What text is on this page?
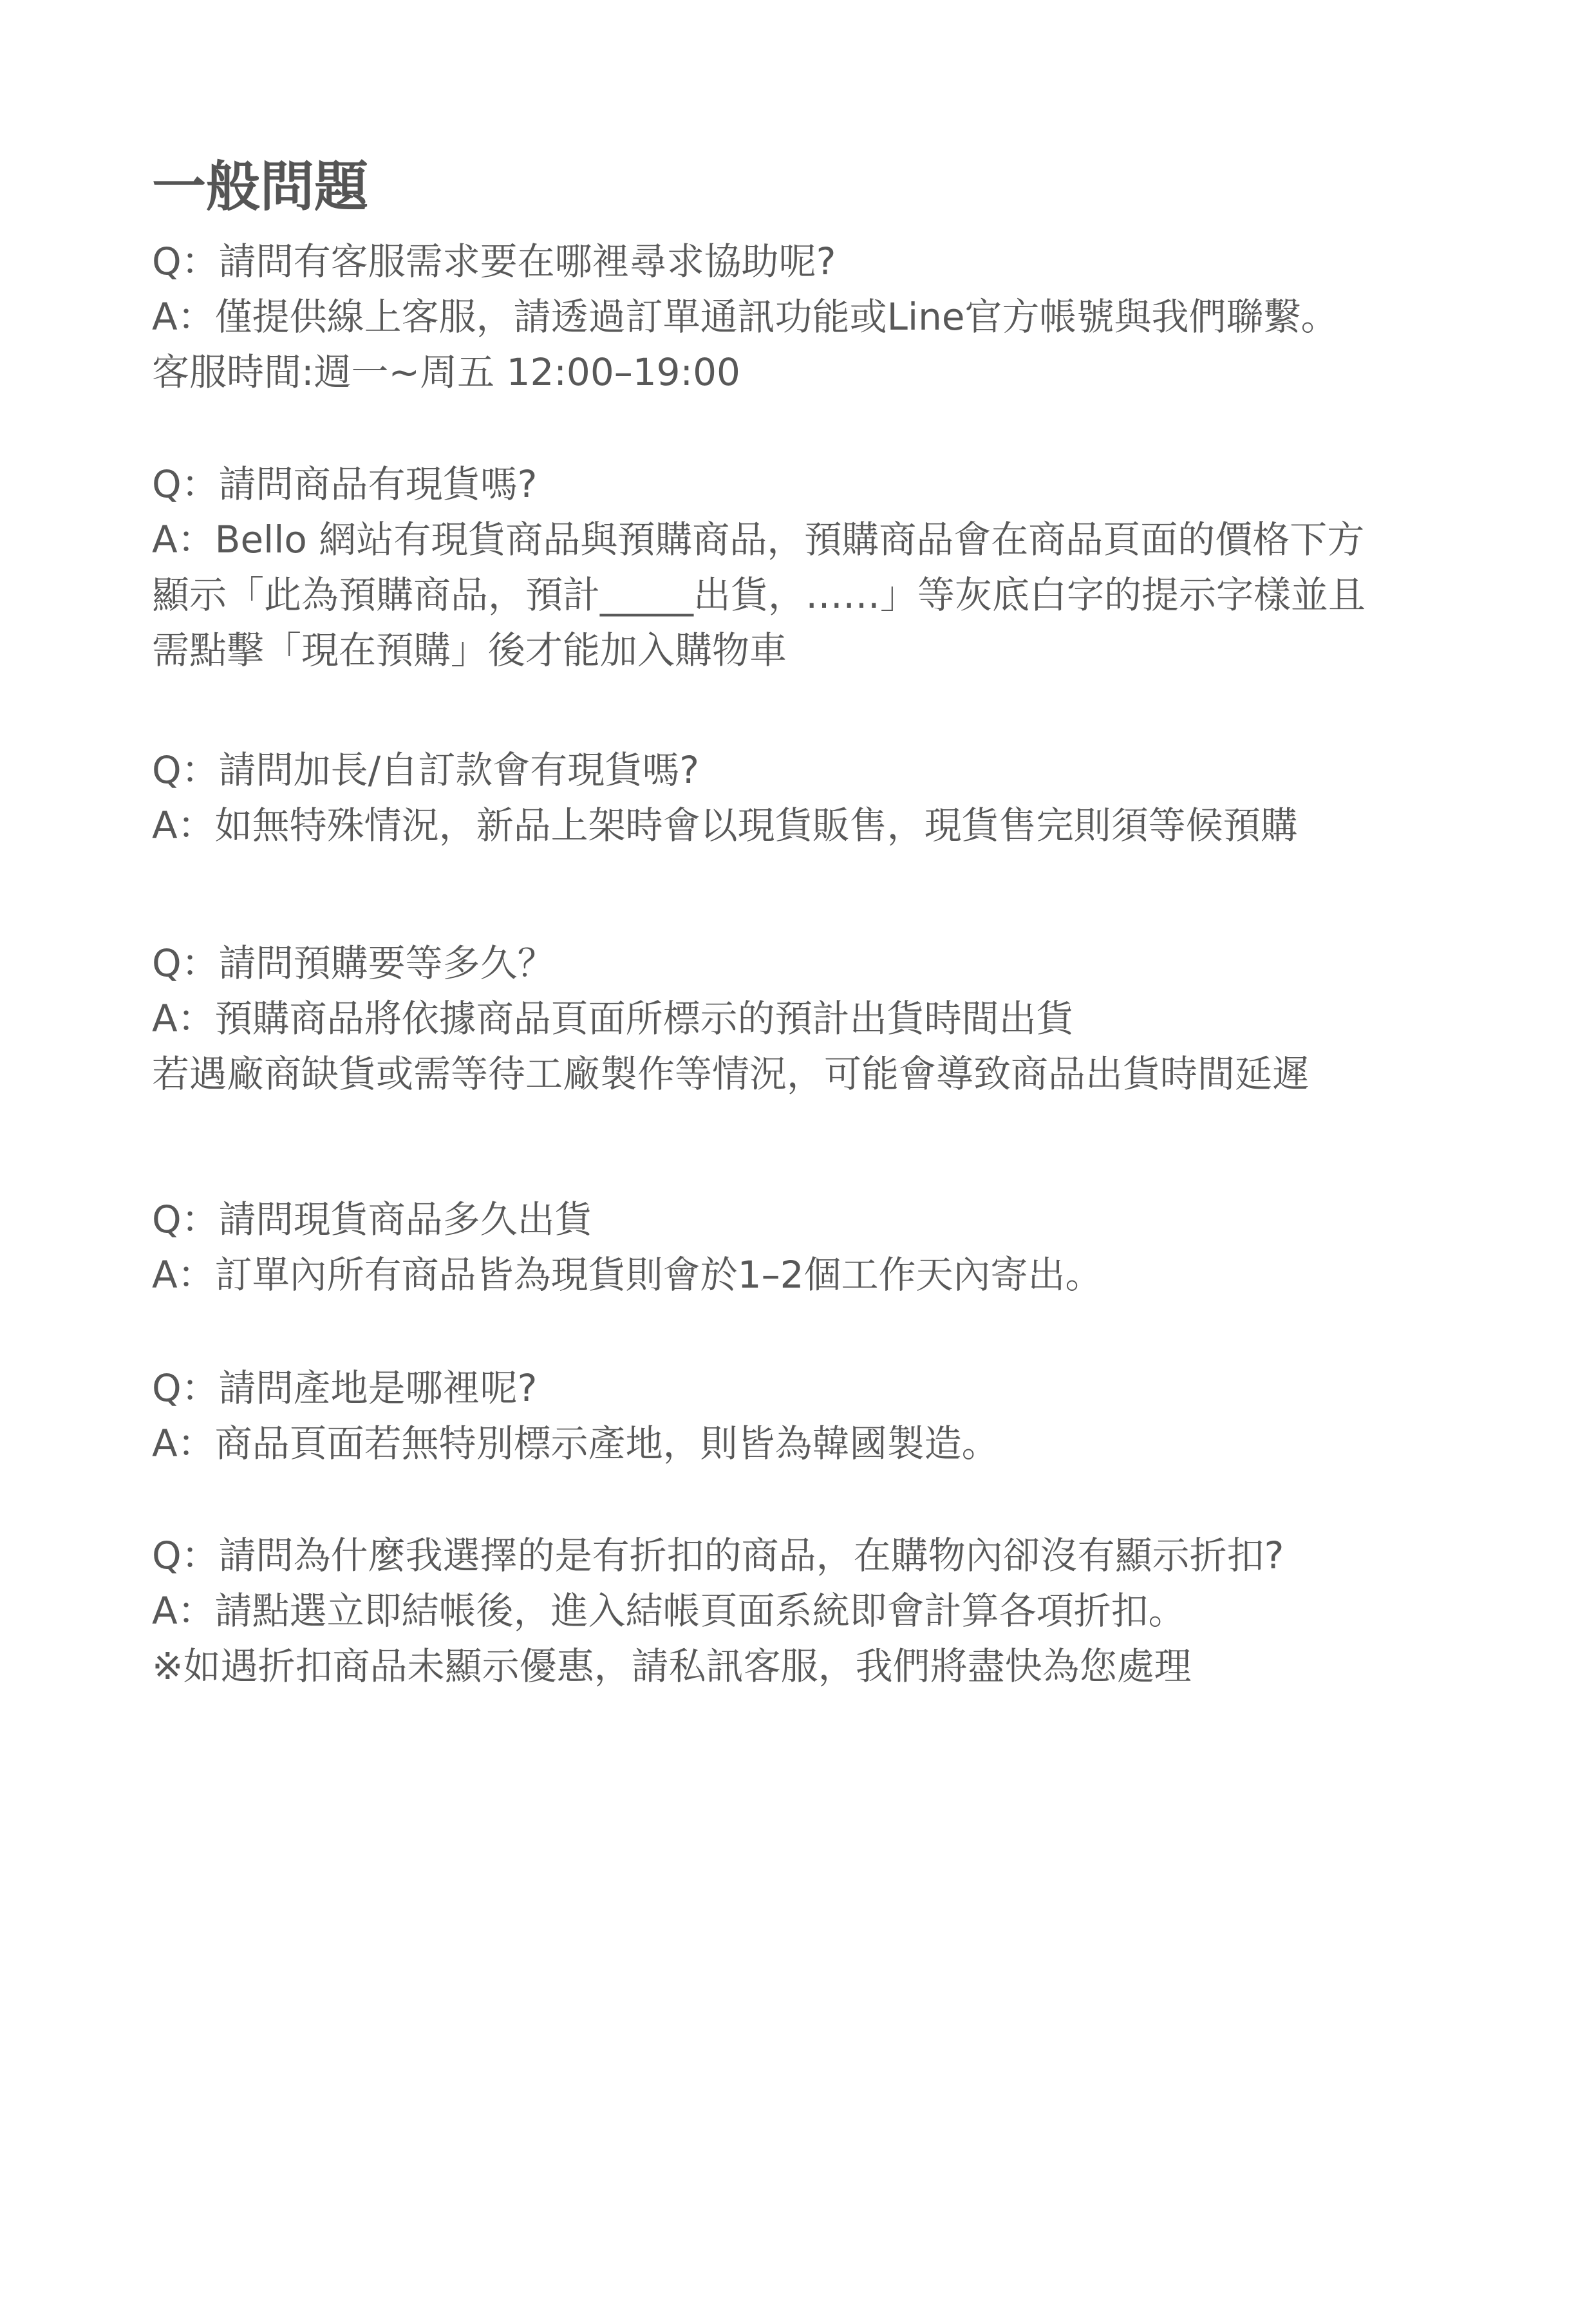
一般問題

Q：請問有客服需求要在哪裡尋求協助呢?

A：僅提供線上客服，請透過訂單通訊功能或Line官方帳號與我們聯繫。

客服時間:週一~周五 12:00–19:00

Q：請問商品有現貨嗎?

A：Bello 網站有現貨商品與預購商品，預購商品會在商品頁面的價格下方

顯示「此為預購商品，預計_____出貨，……」等灰底白字的提示字樣並且

需點擊「現在預購」後才能加入購物車

Q：請問加長/自訂款會有現貨嗎?

A：如無特殊情況，新品上架時會以現貨販售，現貨售完則須等候預購

Q：請問預購要等多久？

A：預購商品將依據商品頁面所標示的預計出貨時間出貨

若遇廠商缺貨或需等待工廠製作等情況，可能會導致商品出貨時間延遲

Q：請問現貨商品多久出貨

A：訂單內所有商品皆為現貨則會於1–2個工作天內寄出。

Q：請問產地是哪裡呢?

A：商品頁面若無特別標示產地，則皆為韓國製造。

Q：請問為什麼我選擇的是有折扣的商品，在購物內卻沒有顯示折扣?

A：請點選立即結帳後，進入結帳頁面系統即會計算各項折扣。

※如遇折扣商品未顯示優惠，請私訊客服，我們將盡快為您處理
